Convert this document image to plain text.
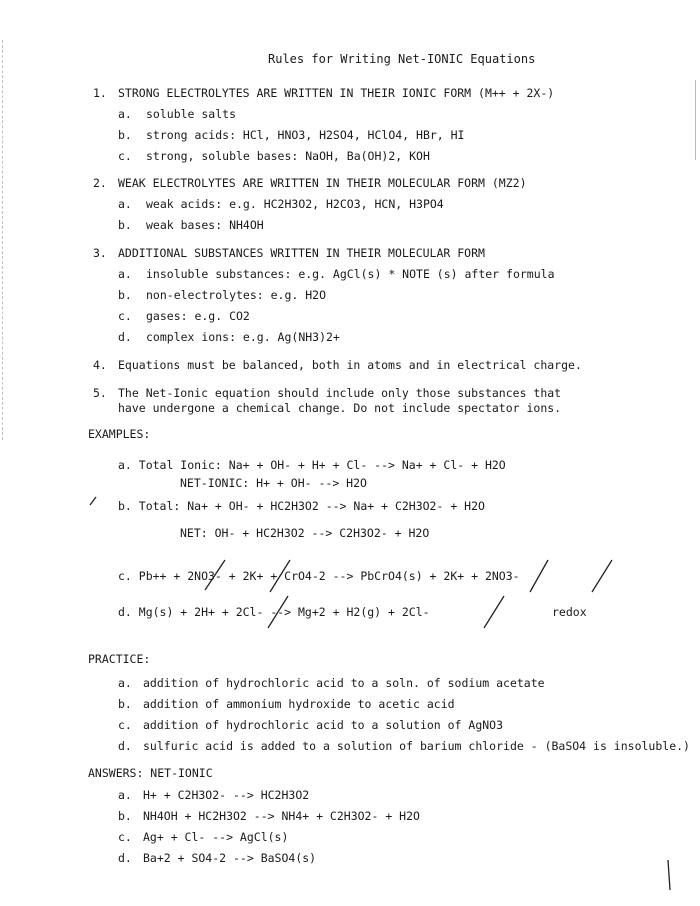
Rules for Writing Net-IONIC Equations
1. STRONG ELECTROLYTES ARE WRITTEN IN THEIR IONIC FORM (M++ + 2X-)
a. soluble salts
b. strong acids: HCl, HNO3, H2SO4, HClO4, HBr, HI
c. strong, soluble bases: NaOH, Ba(OH)2, KOH
2. WEAK ELECTROLYTES ARE WRITTEN IN THEIR MOLECULAR FORM (MZ2)
a. weak acids: e.g. HC2H3O2, H2CO3, HCN, H3PO4
b. weak bases: NH4OH
3. ADDITIONAL SUBSTANCES WRITTEN IN THEIR MOLECULAR FORM
a. insoluble substances: e.g. AgCl(s) * NOTE (s) after formula
b. non-electrolytes: e.g. H2O
c. gases: e.g. CO2
d. complex ions: e.g. Ag(NH3)2+
4. Equations must be balanced, both in atoms and in electrical charge.
5. The Net-Ionic equation should include only those substances that
have undergone a chemical change. Do not include spectator ions.
EXAMPLES:
a. Total Ionic: Na+ + OH- + H+ + Cl- --> Na+ + Cl- + H2O
NET-IONIC: H+ + OH- --> H2O
b. Total: Na+ + OH- + HC2H3O2 --> Na+ + C2H3O2- + H2O
NET: OH- + HC2H3O2 --> C2H3O2- + H2O
c. Pb++ + 2NO3- + 2K+ + CrO4-2 --> PbCrO4(s) + 2K+ + 2NO3-
d. Mg(s) + 2H+ + 2Cl- --> Mg+2 + H2(g) + 2Cl-	redox
PRACTICE:
a. addition of hydrochloric acid to a soln. of sodium acetate
b. addition of ammonium hydroxide to acetic acid
c. addition of hydrochloric acid to a solution of AgNO3
d. sulfuric acid is added to a solution of barium chloride - (BaSO4 is insoluble.)
ANSWERS: NET-IONIC
a. H+ + C2H3O2- --> HC2H3O2
b. NH4OH + HC2H3O2 --> NH4+ + C2H3O2- + H2O
c. Ag+ + Cl- --> AgCl(s)
d. Ba+2 + SO4-2 --> BaSO4(s)
